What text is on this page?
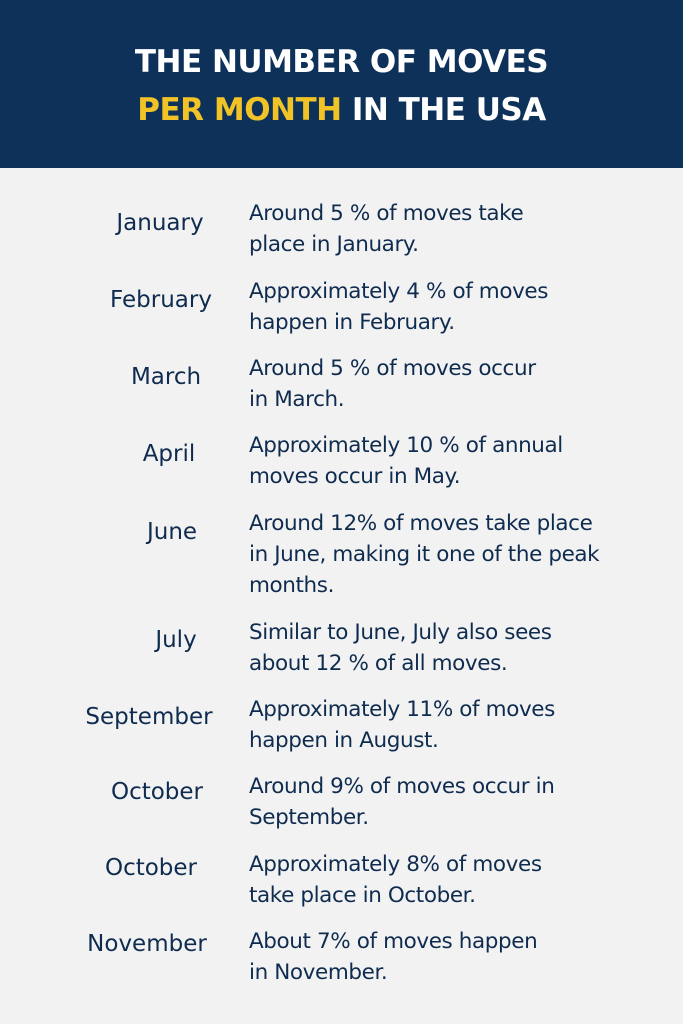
THE NUMBER OF MOVES
PER MONTH IN THE USA
January	Around 5 % of moves take
place in January.
February	Approximately 4 % of moves
happen in February.
March	Around 5 % of moves occur
in March.
April	Approximately 10 % of annual
moves occur in May.
June	Around 12% of moves take place
in June, making it one of the peak
months.
July	Similar to June, July also sees
about 12 % of all moves.
September	Approximately 11% of moves
happen in August.
October	Around 9% of moves occur in
September.
October	Approximately 8% of moves
take place in October.
November	About 7% of moves happen
in November.
